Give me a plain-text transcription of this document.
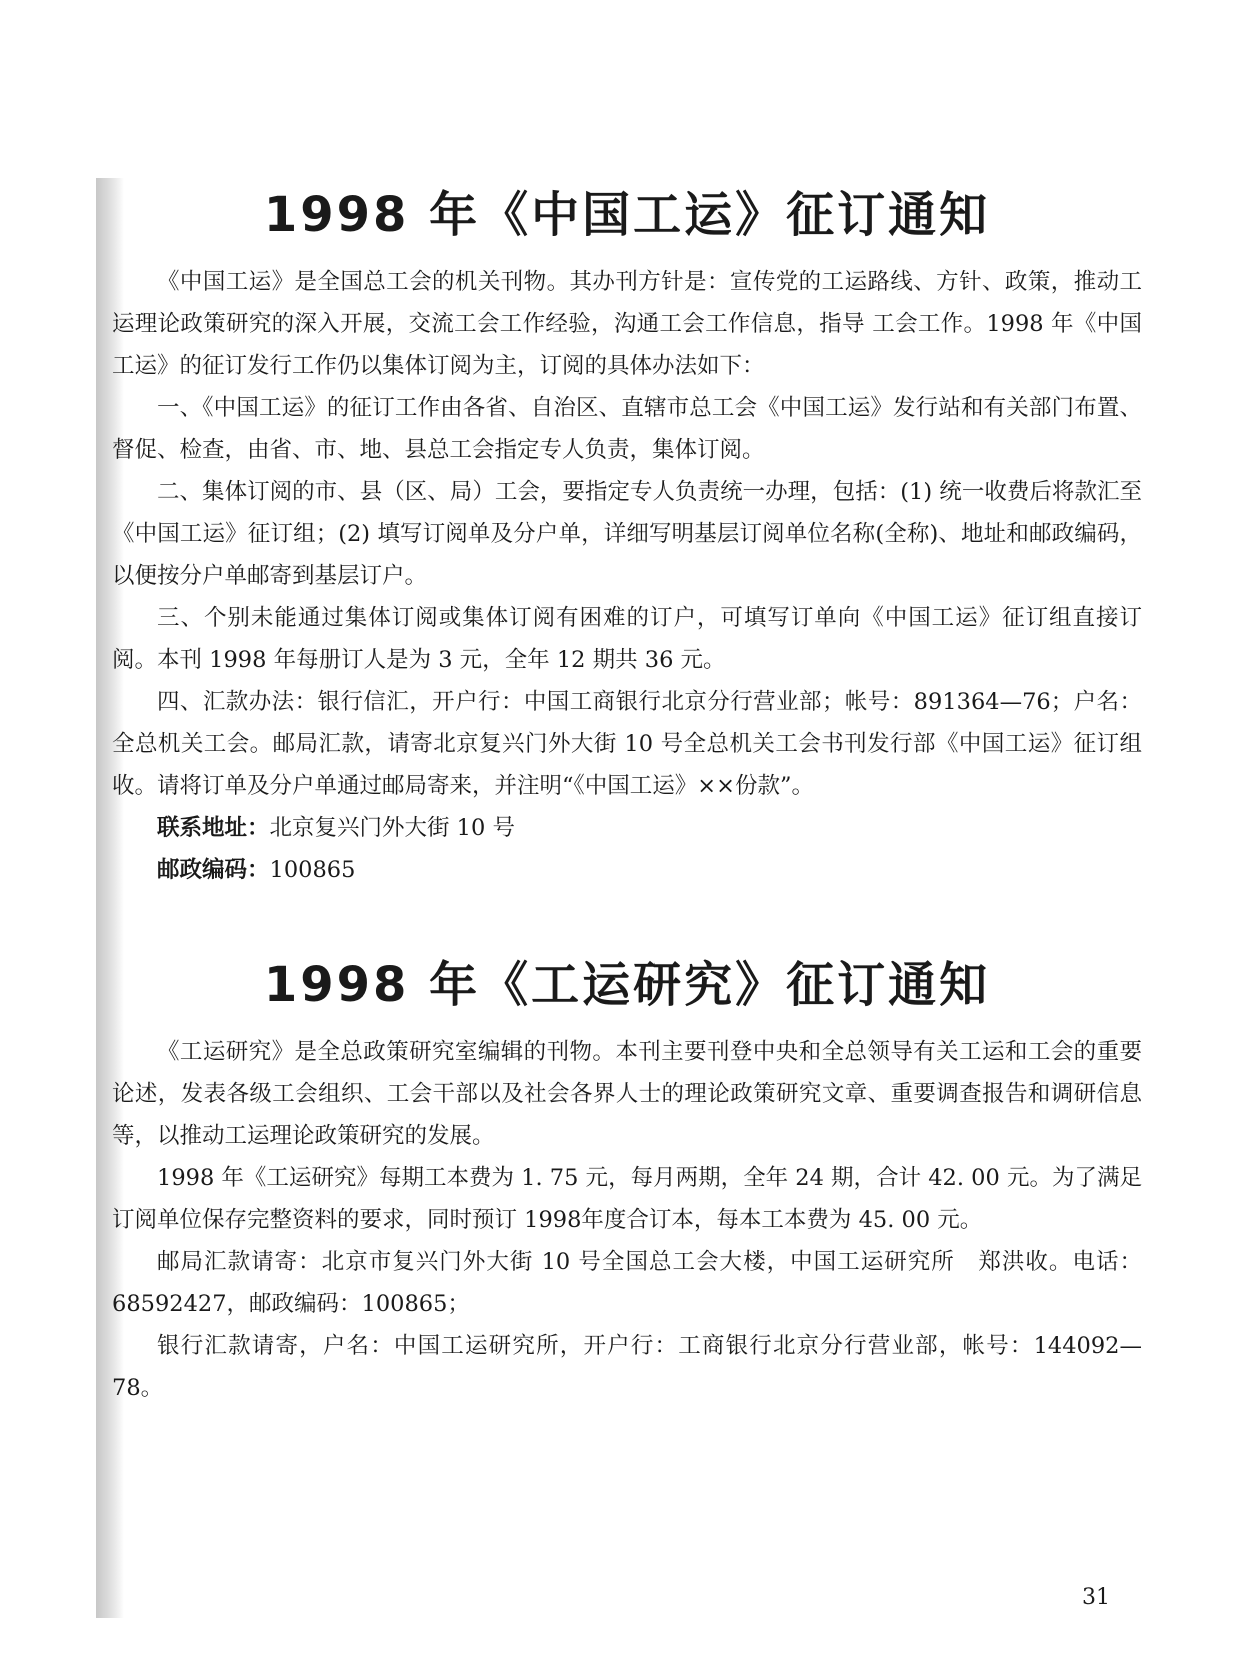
1998 年《中国工运》征订通知

《中国工运》是全国总工会的机关刊物。其办刊方针是：宣传党的工运路线、方针、政策，推动工运理论政策研究的深入开展，交流工会工作经验，沟通工会工作信息，指导 工会工作。1998 年《中国工运》的征订发行工作仍以集体订阅为主，订阅的具体办法如下：

一、《中国工运》的征订工作由各省、自治区、直辖市总工会《中国工运》发行站和有关部门布置、督促、检查，由省、市、地、县总工会指定专人负责，集体订阅。

二、集体订阅的市、县（区、局）工会，要指定专人负责统一办理，包括：(1) 统一收费后将款汇至《中国工运》征订组；(2) 填写订阅单及分户单，详细写明基层订阅单位名称(全称)、地址和邮政编码，以便按分户单邮寄到基层订户。

三、个别未能通过集体订阅或集体订阅有困难的订户，可填写订单向《中国工运》征订组直接订阅。本刊 1998 年每册订人是为 3 元，全年 12 期共 36 元。

四、汇款办法：银行信汇，开户行：中国工商银行北京分行营业部；帐号：891364—76；户名：全总机关工会。邮局汇款，请寄北京复兴门外大街 10 号全总机关工会书刊发行部《中国工运》征订组收。请将订单及分户单通过邮局寄来，并注明“《中国工运》××份款”。

联系地址：北京复兴门外大街 10 号

邮政编码：100865

1998 年《工运研究》征订通知

《工运研究》是全总政策研究室编辑的刊物。本刊主要刊登中央和全总领导有关工运和工会的重要论述，发表各级工会组织、工会干部以及社会各界人士的理论政策研究文章、重要调查报告和调研信息等，以推动工运理论政策研究的发展。

1998 年《工运研究》每期工本费为 1. 75 元，每月两期，全年 24 期，合计 42. 00 元。为了满足订阅单位保存完整资料的要求，同时预订 1998年度合订本，每本工本费为 45. 00 元。

邮局汇款请寄：北京市复兴门外大街 10 号全国总工会大楼，中国工运研究所　郑洪收。电话：68592427，邮政编码：100865；

银行汇款请寄，户名：中国工运研究所，开户行：工商银行北京分行营业部，帐号：144092—78。

31
